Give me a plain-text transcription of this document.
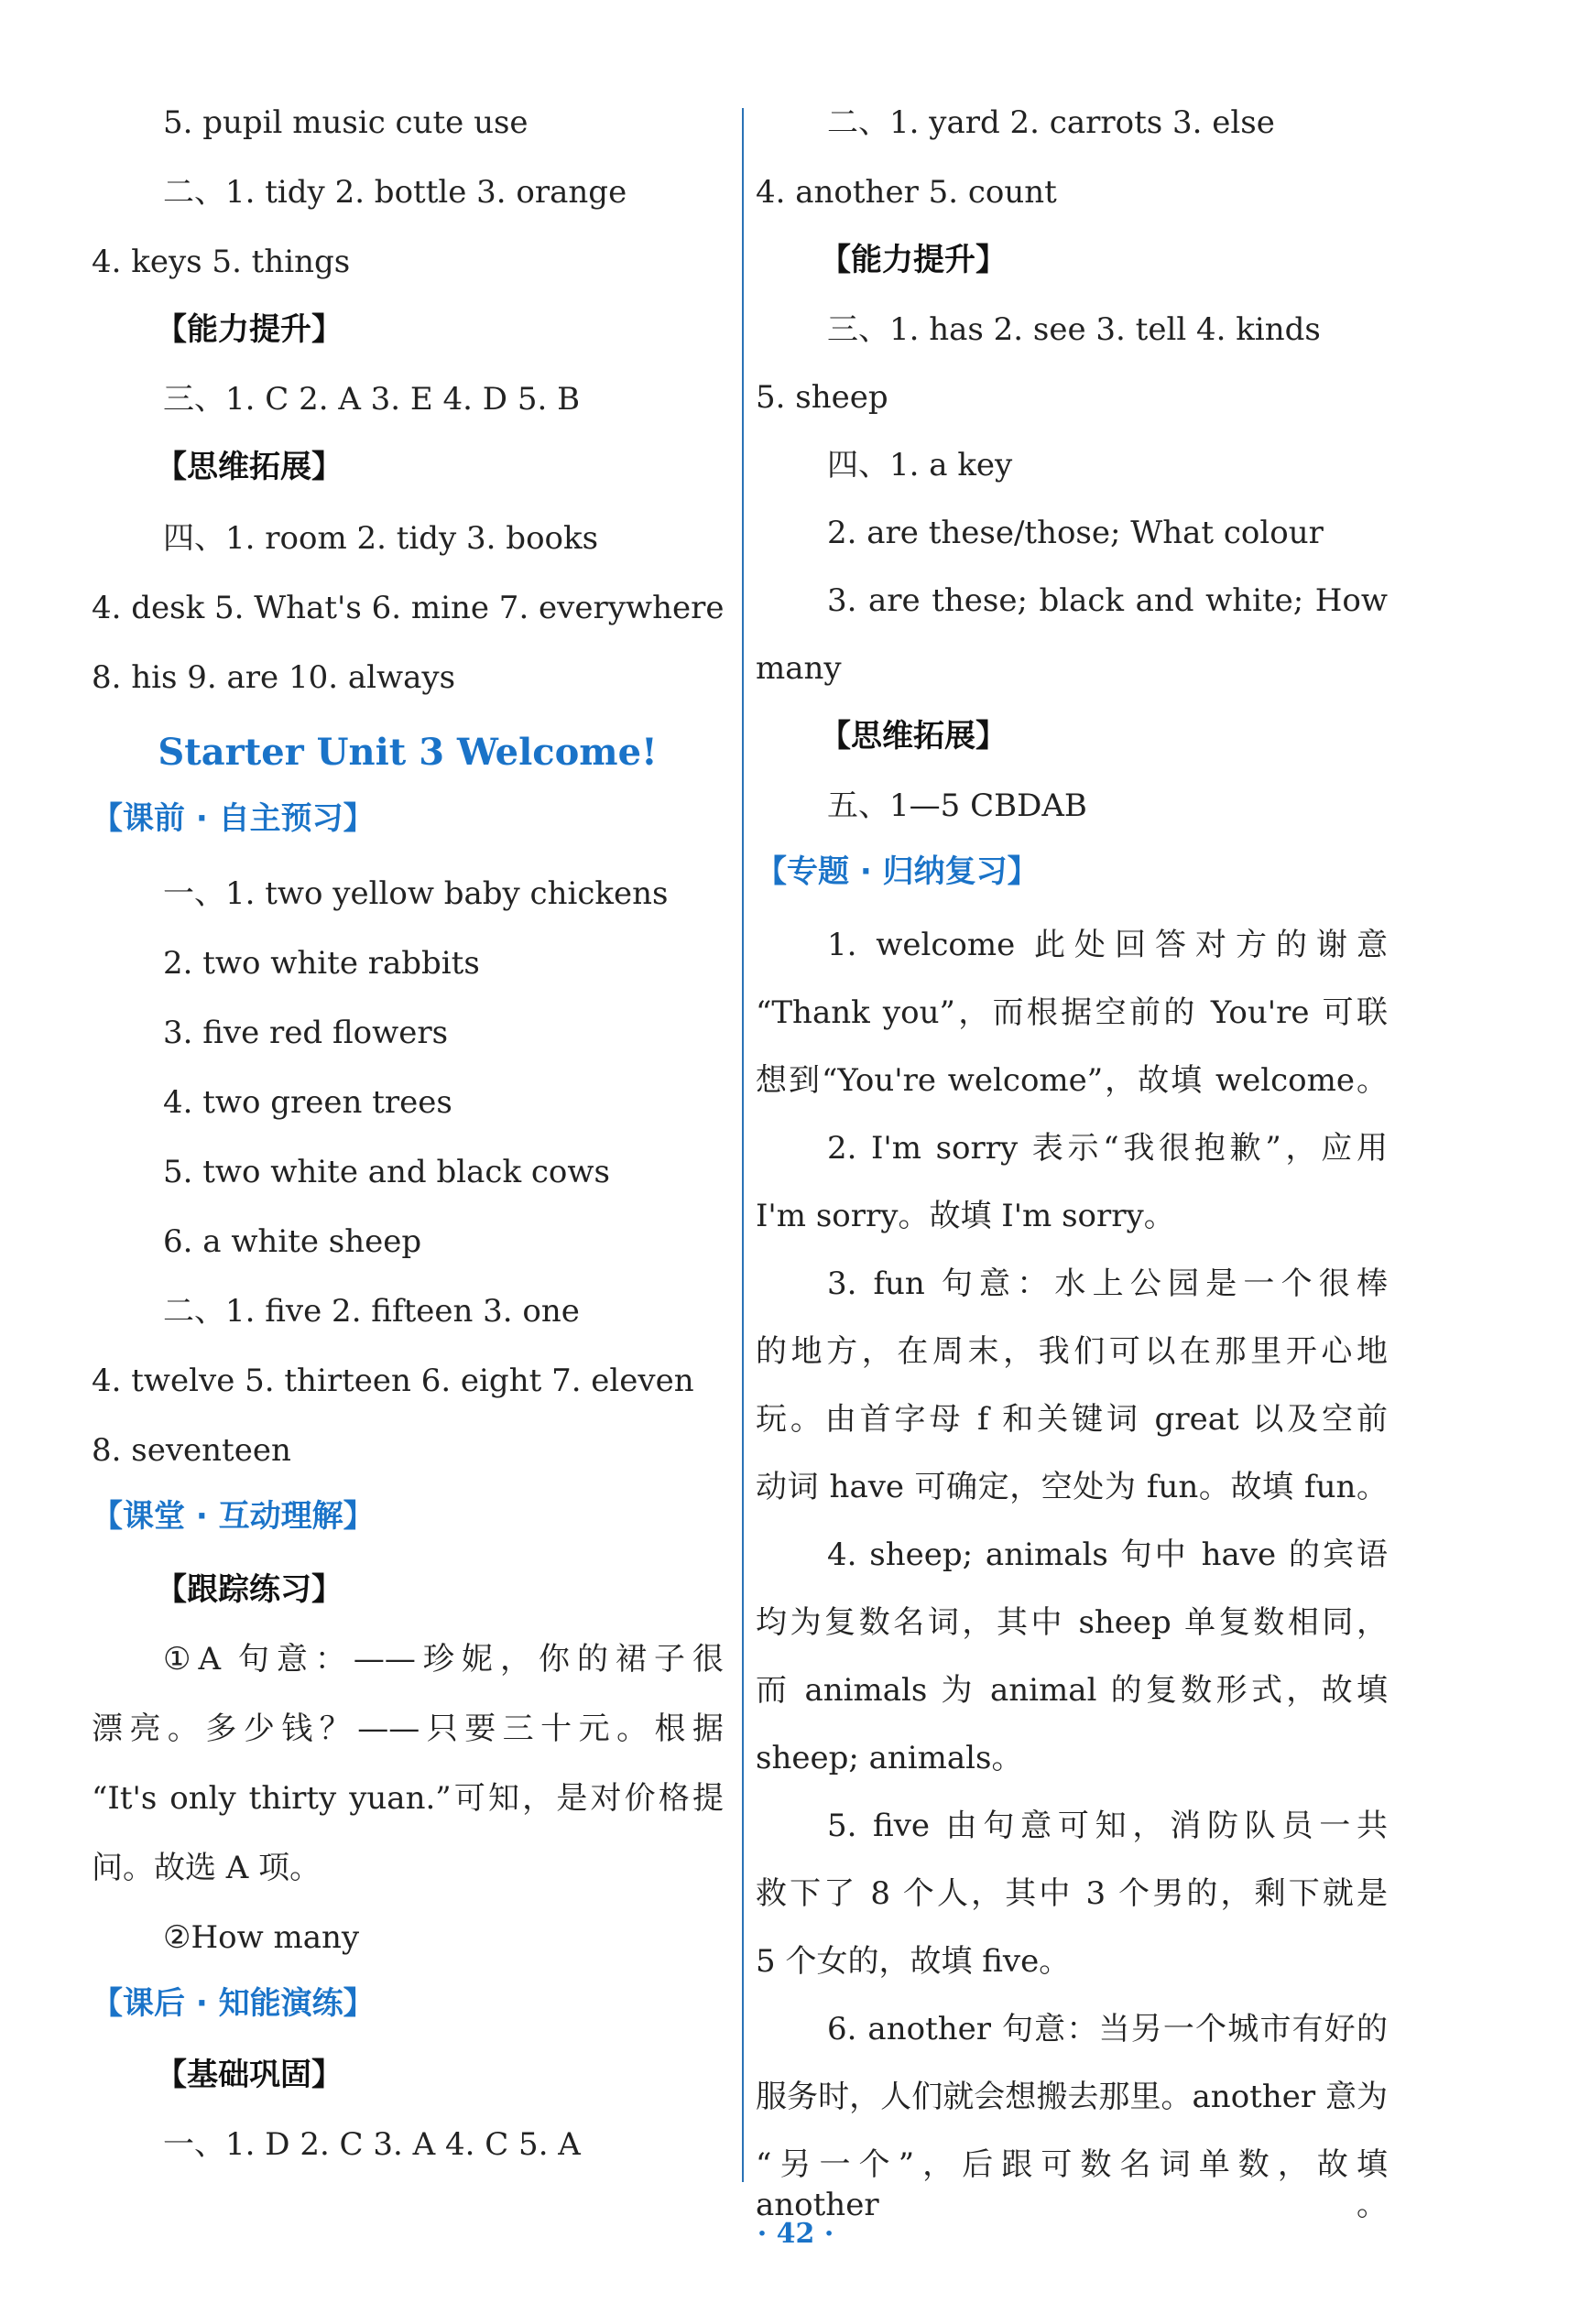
5. pupil music cute use
二、1. tidy 2. bottle 3. orange
4. keys 5. things
【能力提升】
三、1. C 2. A 3. E 4. D 5. B
【思维拓展】
四、1. room 2. tidy 3. books
4. desk 5. What's 6. mine 7. everywhere
8. his 9. are 10. always
Starter Unit 3 Welcome!
【课前 · 自主预习】
一、1. two yellow baby chickens
2. two white rabbits
3. five red flowers
4. two green trees
5. two white and black cows
6. a white sheep
二、1. five 2. fifteen 3. one
4. twelve 5. thirteen 6. eight 7. eleven
8. seventeen
【课堂 · 互动理解】
【跟踪练习】
①A 句意：——珍妮，你的裙子很
漂亮。多少钱？——只要三十元。根据
“It's only thirty yuan.”可知，是对价格提
问。故选 A 项。
②How many
【课后 · 知能演练】
【基础巩固】
一、1. D 2. C 3. A 4. C 5. A
二、1. yard 2. carrots 3. else
4. another 5. count
【能力提升】
三、1. has 2. see 3. tell 4. kinds
5. sheep
四、1. a key
2. are these/those; What colour
3. are these; black and white; How
many
【思维拓展】
五、1—5 CBDAB
【专题 · 归纳复习】
1. welcome 此处回答对方的谢意
“Thank you”，而根据空前的 You're 可联
想到“You're welcome”，故填 welcome。
2. I'm sorry 表示“我很抱歉”，应用
I'm sorry。故填 I'm sorry。
3. fun 句意：水上公园是一个很棒
的地方，在周末，我们可以在那里开心地
玩。由首字母 f 和关键词 great 以及空前
动词 have 可确定，空处为 fun。故填 fun。
4. sheep; animals 句中 have 的宾语
均为复数名词，其中 sheep 单复数相同，
而 animals 为 animal 的复数形式，故填
sheep; animals。
5. five 由句意可知，消防队员一共
救下了 8 个人，其中 3 个男的，剩下就是
5 个女的，故填 five。
6. another 句意：当另一个城市有好的
服务时，人们就会想搬去那里。another 意为
“另一个”，后跟可数名词单数，故填 another。
· 42 ·
